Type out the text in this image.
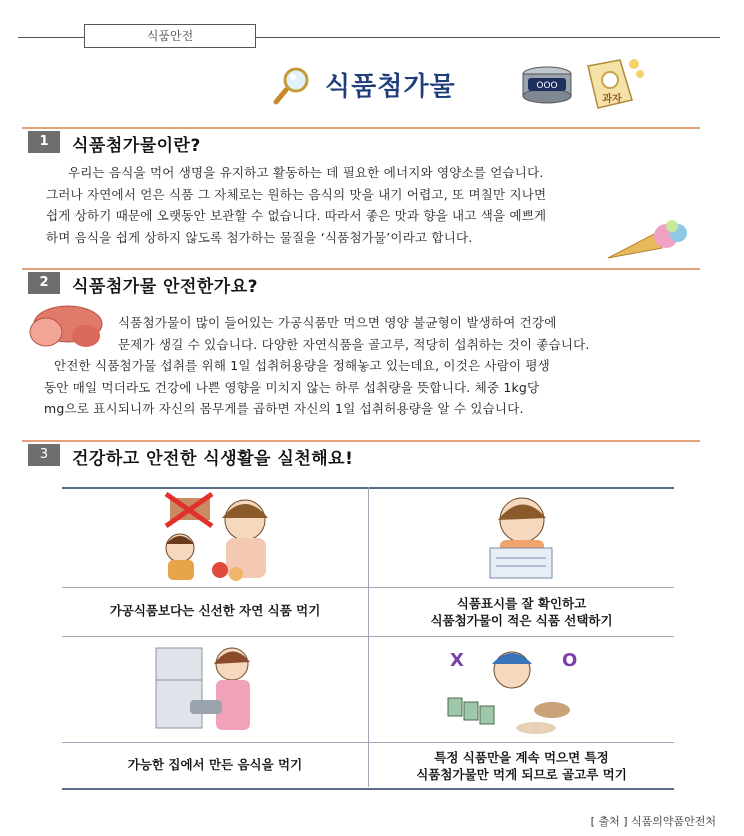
식품안전
식품첨가물	OOO
과자
1	식품첨가물이란?
우리는 음식을 먹어 생명을 유지하고 활동하는 데 필요한 에너지와 영양소를 얻습니다.
그러나 자연에서 얻은 식품 그 자체로는 원하는 음식의 맛을 내기 어렵고, 또 며칠만 지나면
쉽게 상하기 때문에 오랫동안 보관할 수 없습니다. 따라서 좋은 맛과 향을 내고 색을 예쁘게
하며 음식을 쉽게 상하지 않도록 첨가하는 물질을 ‘식품첨가물’이라고 합니다.
2	식품첨가물 안전한가요?
식품첨가물이 많이 들어있는 가공식품만 먹으면 영양 불균형이 발생하여 건강에
문제가 생길 수 있습니다. 다양한 자연식품을 골고루, 적당히 섭취하는 것이 좋습니다.
안전한 식품첨가물 섭취를 위해 1일 섭취허용량을 정해놓고 있는데요, 이것은 사람이 평생
동안 매일 먹더라도 건강에 나쁜 영향을 미치지 않는 하루 섭취량을 뜻합니다. 체중 1kg당
mg으로 표시되니까 자신의 몸무게를 곱하면 자신의 1일 섭취허용량을 알 수 있습니다.
3	건강하고 안전한 식생활을 실천해요!
X	O
가공식품보다는 신선한 자연 식품 먹기	식품표시를 잘 확인하고
식품첨가물이 적은 식품 선택하기
가능한 집에서 만든 음식을 먹기	특정 식품만을 계속 먹으면 특정
식품첨가물만 먹게 되므로 골고루 먹기
[ 출처 ] 식품의약품안전처
